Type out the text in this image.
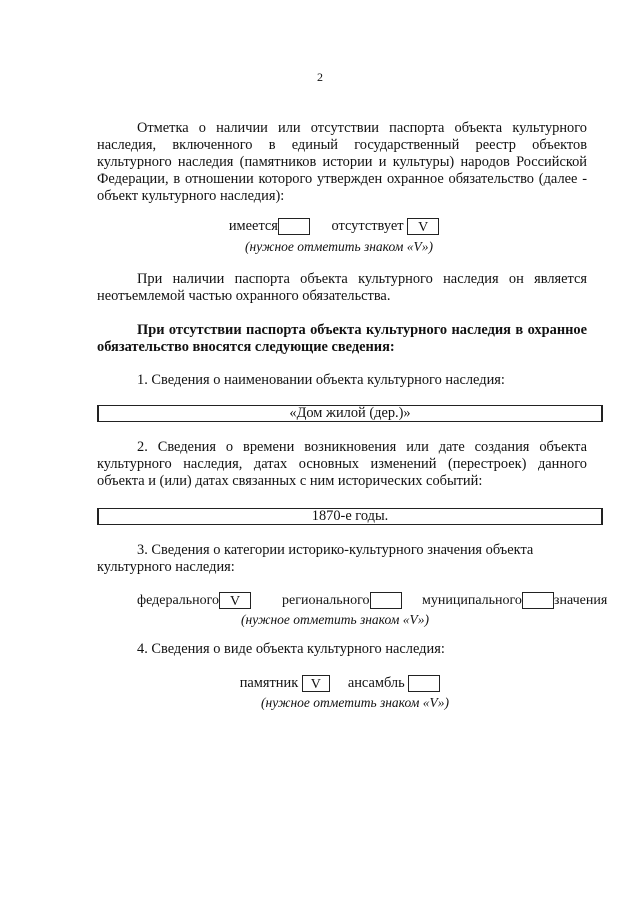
2

Отметка о наличии или отсутствии паспорта объекта культурного наследия, включенного в единый государственный реестр объектов культурного наследия (памятников истории и культуры) народов Российской Федерации, в отношении которого утвержден охранное обязательство (далее - объект культурного наследия):

имеется	отсутствует V
(нужное отметить знаком «V»)

При наличии паспорта объекта культурного наследия он является неотъемлемой частью охранного обязательства.

При отсутствии паспорта объекта культурного наследия в охранное обязательство вносятся следующие сведения:

1. Сведения о наименовании объекта культурного наследия:
«Дом жилой (дер.)»

2. Сведения о времени возникновения или дате создания объекта культурного наследия, датах основных изменений (перестроек) данного объекта и (или) датах связанных с ним исторических событий:

1870-е годы.

3. Сведения о категории историко-культурного значения объекта культурного наследия:

федерального V	регионального	муниципального значения
(нужное отметить знаком «V»)
4. Сведения о виде объекта культурного наследия:
памятник V ансамбль
(нужное отметить знаком «V»)
